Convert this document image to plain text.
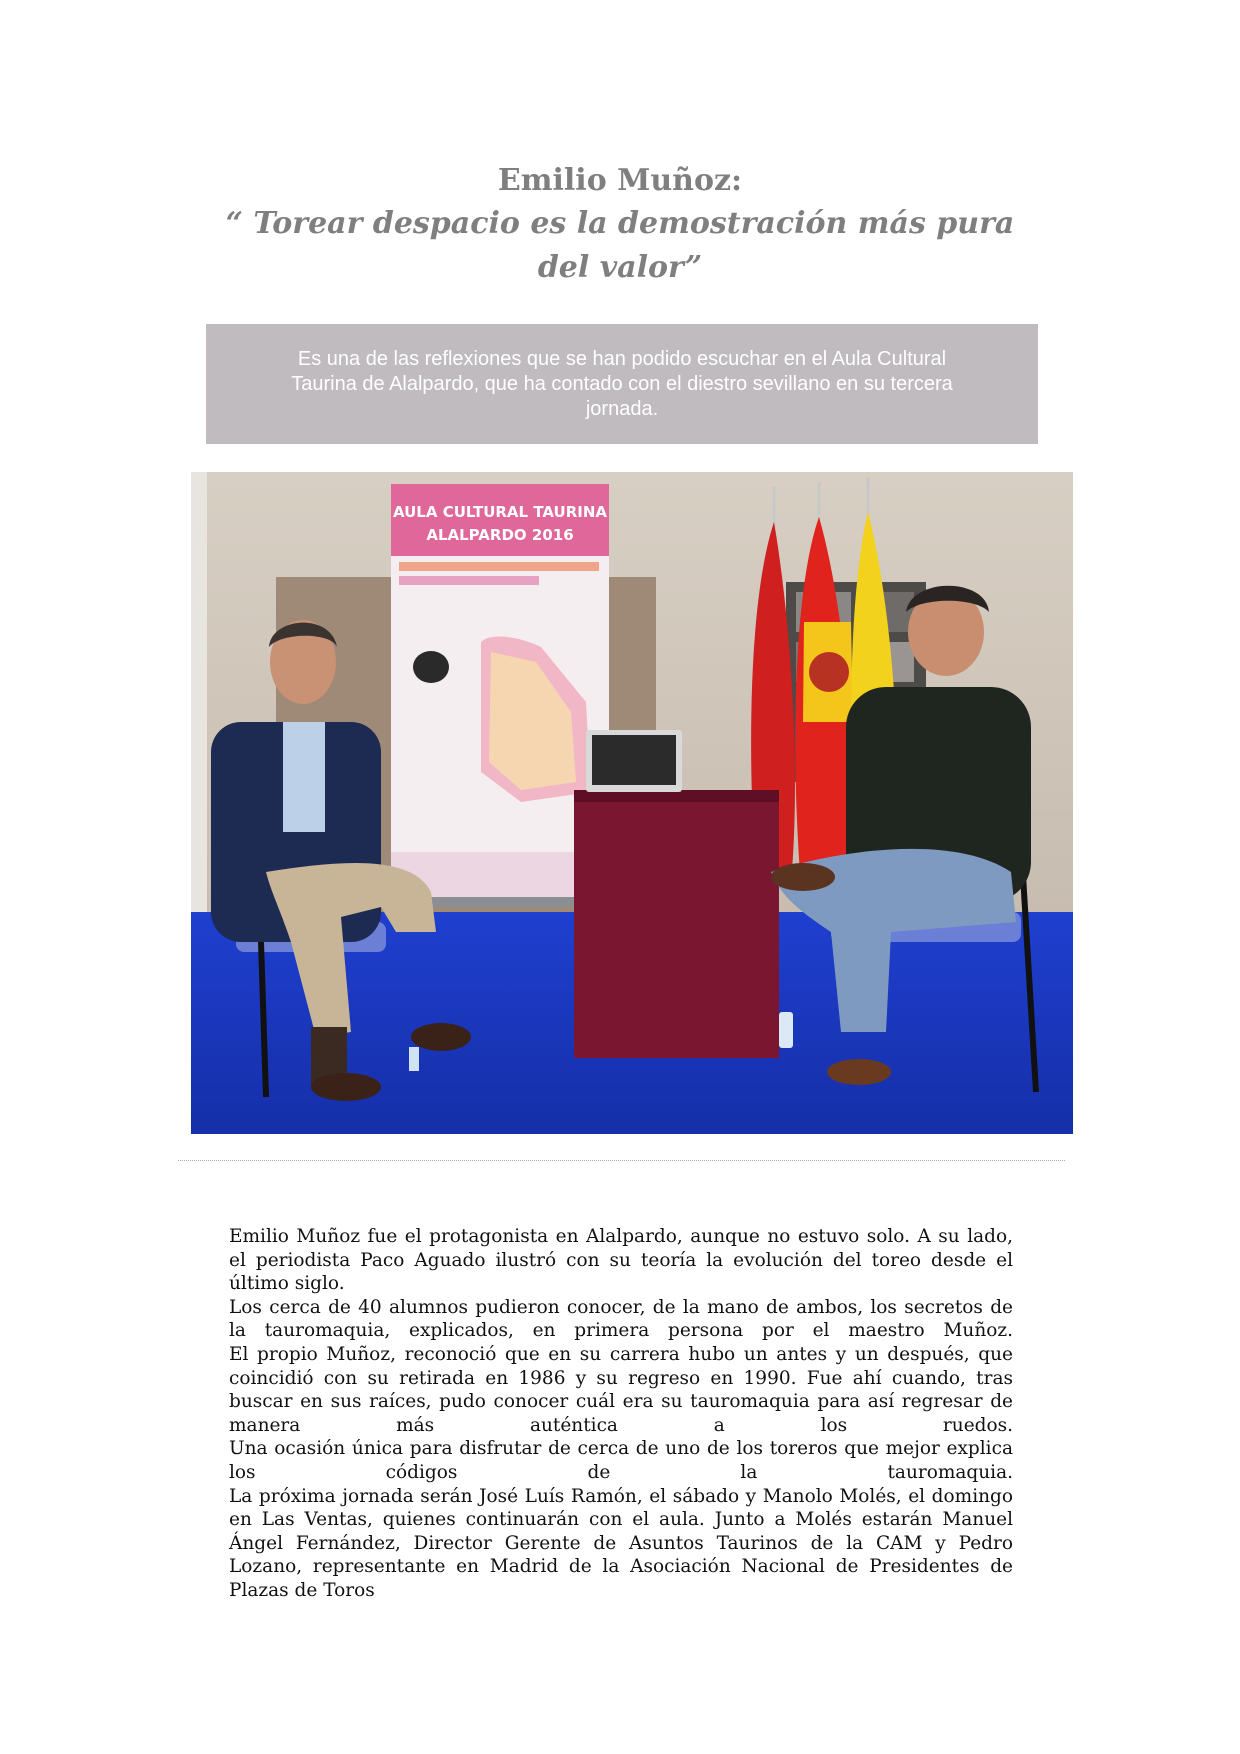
Emilio Muñoz:
“ Torear despacio es la demostración más pura del valor”
Es una de las reflexiones que se han podido escuchar en el Aula Cultural Taurina de Alalpardo, que ha contado con el diestro sevillano en su tercera jornada.
AULA CULTURAL TAURINA
ALALPARDO 2016

Emilio Muñoz fue el protagonista en Alalpardo, aunque no estuvo solo. A su lado, el periodista Paco Aguado ilustró con su teoría la evolución del toreo desde el último siglo.

Los cerca de 40 alumnos pudieron conocer, de la mano de ambos, los secretos de la tauromaquia, explicados, en primera persona por el maestro Muñoz.

El propio Muñoz, reconoció que en su carrera hubo un antes y un después, que coincidió con su retirada en 1986 y su regreso en 1990. Fue ahí cuando, tras buscar en sus raíces, pudo conocer cuál era su tauromaquia para así regresar de manera más auténtica a los ruedos.

Una ocasión única para disfrutar de cerca de uno de los toreros que mejor explica los códigos de la tauromaquia.

La próxima jornada serán José Luís Ramón, el sábado y Manolo Molés, el domingo en Las Ventas, quienes continuarán con el aula. Junto a Molés estarán Manuel Ángel Fernández, Director Gerente de Asuntos Taurinos de la CAM y Pedro Lozano, representante en Madrid de la Asociación Nacional de Presidentes de Plazas de Toros
